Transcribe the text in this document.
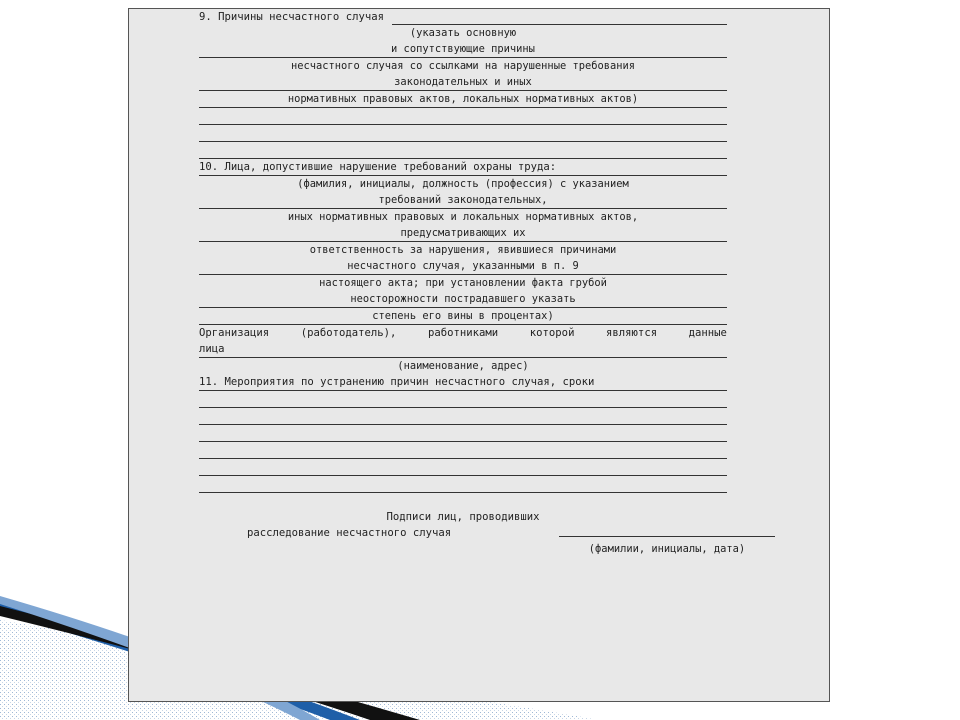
9. Причины несчастного случая
(указать основную
и сопутствующие причины
несчастного случая со ссылками на нарушенные требования
законодательных и иных
нормативных правовых актов, локальных нормативных актов)
10. Лица, допустившие нарушение требований охраны труда:
(фамилия, инициалы, должность (профессия) с указанием
требований законодательных,
иных нормативных правовых и локальных нормативных актов,
предусматривающих их
ответственность за нарушения, явившиеся причинами
несчастного случая, указанными в п. 9
настоящего акта; при установлении факта грубой
неосторожности пострадавшего указать
степень его вины в процентах)
Организация	(работодатель),	работниками	которой	являются	данные
лица
(наименование, адрес)
11. Мероприятия по устранению причин несчастного случая, сроки
Подписи лиц, проводивших
расследование несчастного случая
(фамилии, инициалы, дата)
